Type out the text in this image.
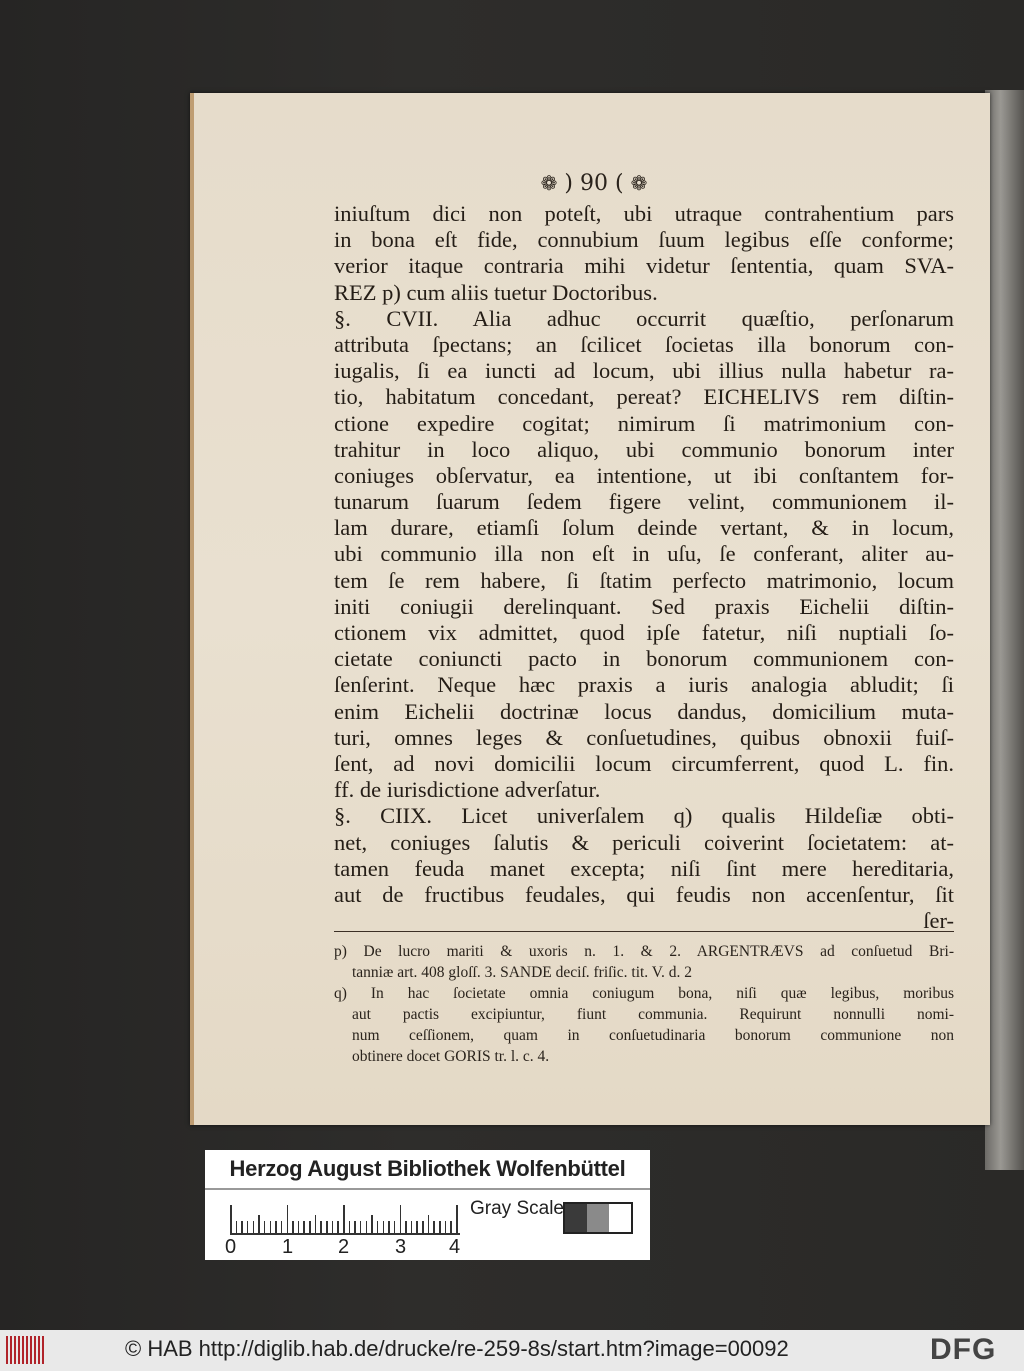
❁ ) 90 ( ❁
iniuſtum dici non poteſt, ubi utraque contrahentium pars
in bona eſt fide, connubium ſuum legibus eſſe conforme;
verior itaque contraria mihi videtur ſententia, quam SVA-
REZ p) cum aliis tuetur Doctoribus.
§. CVII. Alia adhuc occurrit quæſtio, perſonarum
attributa ſpectans; an ſcilicet ſocietas illa bonorum con-
iugalis, ſi ea iuncti ad locum, ubi illius nulla habetur ra-
tio, habitatum concedant, pereat? EICHELIVS rem diſtin-
ctione expedire cogitat; nimirum ſi matrimonium con-
trahitur in loco aliquo, ubi communio bonorum inter
coniuges obſervatur, ea intentione, ut ibi conſtantem for-
tunarum ſuarum ſedem figere velint, communionem il-
lam durare, etiamſi ſolum deinde vertant, & in locum,
ubi communio illa non eſt in uſu, ſe conferant, aliter au-
tem ſe rem habere, ſi ſtatim perfecto matrimonio, locum
initi coniugii derelinquant. Sed praxis Eichelii diſtin-
ctionem vix admittet, quod ipſe fatetur, niſi nuptiali ſo-
cietate coniuncti pacto in bonorum communionem con-
ſenſerint. Neque hæc praxis a iuris analogia abludit; ſi
enim Eichelii doctrinæ locus dandus, domicilium muta-
turi, omnes leges & conſuetudines, quibus obnoxii fuiſ-
ſent, ad novi domicilii locum circumferrent, quod L. fin.
ff. de iurisdictione adverſatur.
§. CIIX. Licet univerſalem q) qualis Hildeſiæ obti-
net, coniuges ſalutis & periculi coiverint ſocietatem: at-
tamen feuda manet excepta; niſi ſint mere hereditaria,
aut de fructibus feudales, qui feudis non accenſentur, ſit
ſer-
p) De lucro mariti & uxoris n. 1. & 2. ARGENTRÆVS ad conſuetud Bri-
tanniæ art. 408 gloſſ. 3. SANDE deciſ. friſic. tit. V. d. 2
q) In hac ſocietate omnia coniugum bona, niſi quæ legibus, moribus
aut pactis excipiuntur, fiunt communia. Requirunt nonnulli nomi-
num ceſſionem, quam in conſuetudinaria bonorum communione non
obtinere docet GORIS tr. l. c. 4.
Herzog August Bibliothek Wolfenbüttel
0 1 2 3 4
Gray Scale
© HAB http://diglib.hab.de/drucke/re-259-8s/start.htm?image=00092	DFG
